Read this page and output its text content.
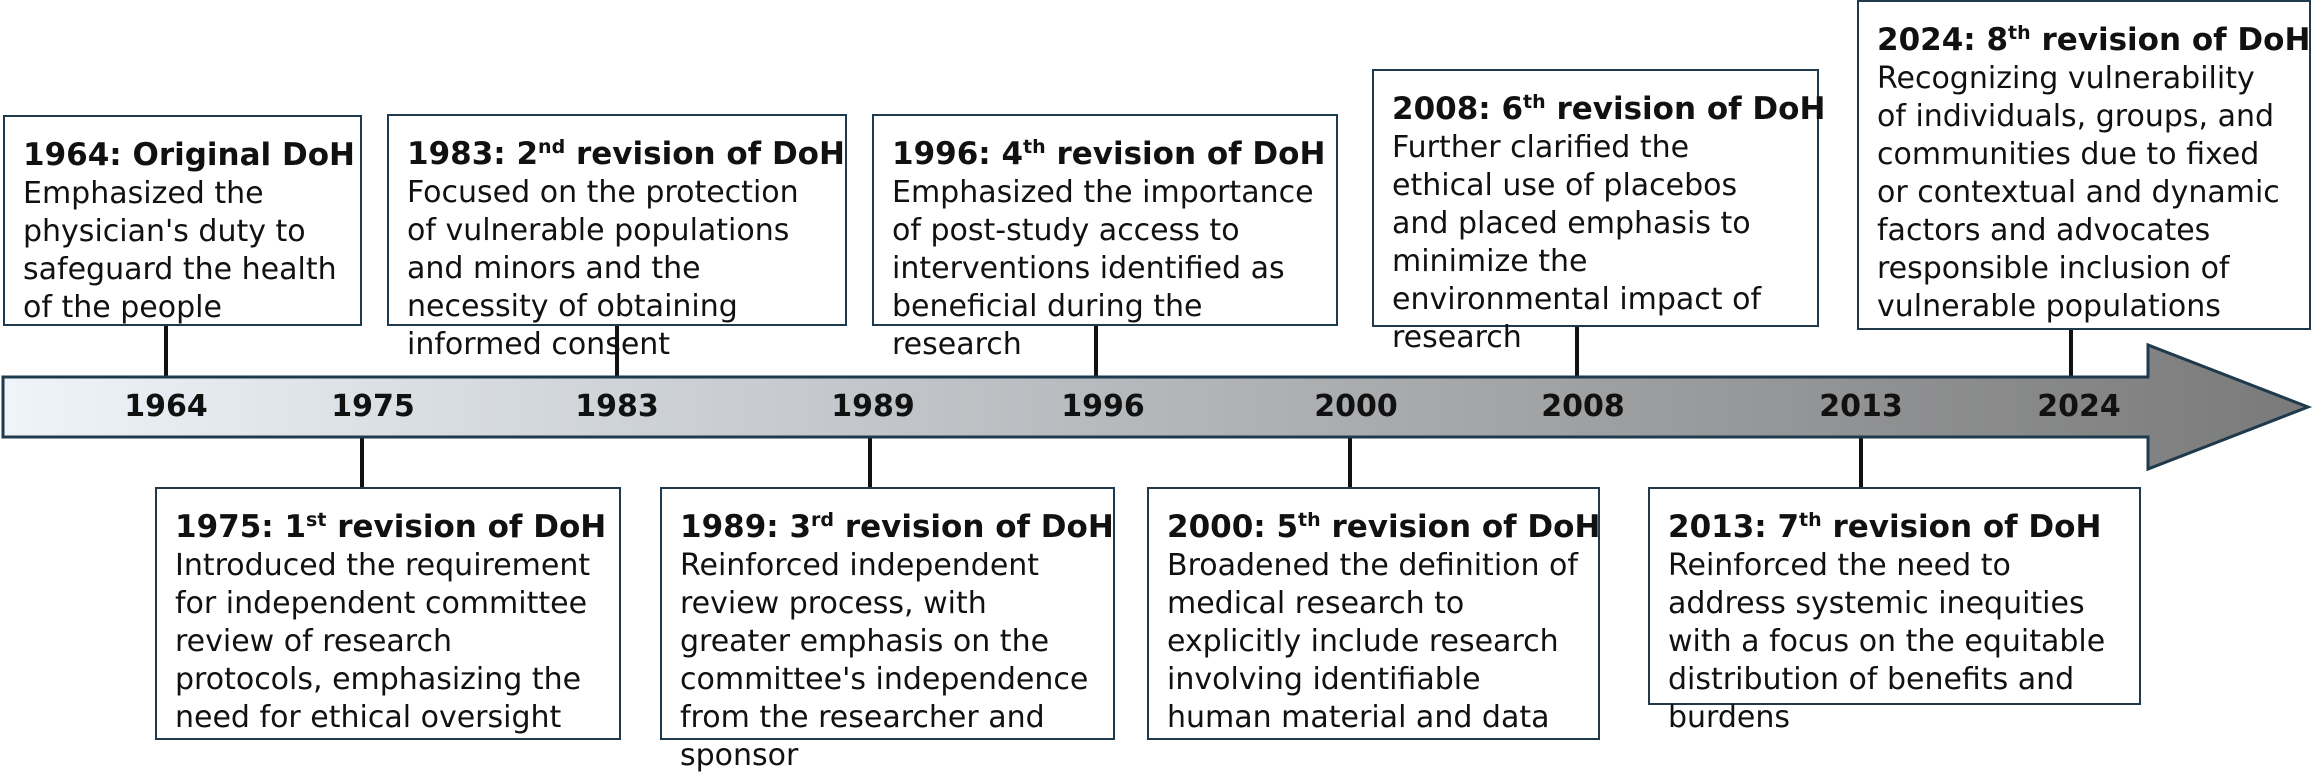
1964	1975	1983	1989	1996	2000	2008	2013	2024
1964: Original DoH
Emphasized the physician's duty to safeguard the health of the people
1975: 1st revision of DoH
Introduced the requirement for independent committee review of research protocols, emphasizing the need for ethical oversight
1983: 2nd revision of DoH
Focused on the protection of vulnerable populations and minors and the necessity of obtaining informed consent
1989: 3rd revision of DoH
Reinforced independent review process, with greater emphasis on the committee's independence from the researcher and sponsor
1996: 4th revision of DoH
Emphasized the importance of post-study access to interventions identified as beneficial during the research
2000: 5th revision of DoH
Broadened the definition of medical research to explicitly include research involving identifiable human material and data
2008: 6th revision of DoH
Further clarified the ethical use of placebos and placed emphasis to minimize the environmental impact of research
2013: 7th revision of DoH
Reinforced the need to address systemic inequities with a focus on the equitable distribution of benefits and burdens
2024: 8th revision of DoH
Recognizing vulnerability of individuals, groups, and communities due to fixed or contextual and dynamic factors and advocates responsible inclusion of vulnerable populations
